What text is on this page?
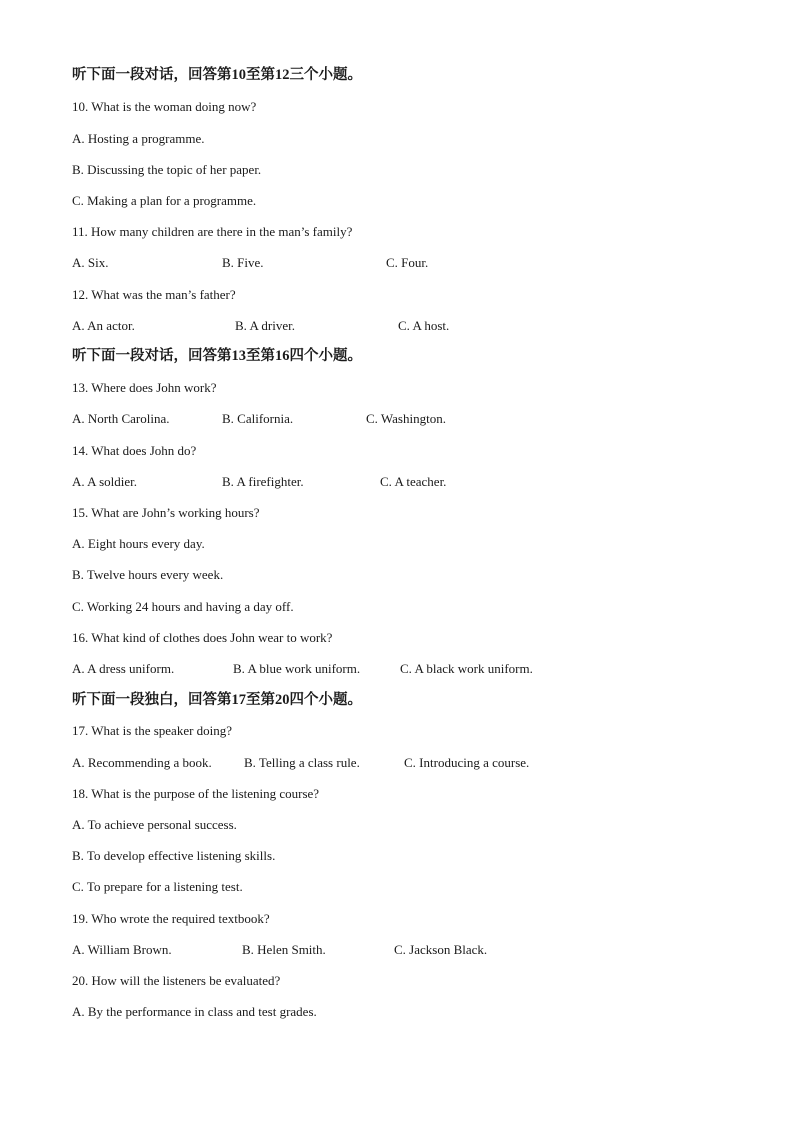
听下面一段对话，回答第10至第12三个小题。
10. What is the woman doing now?
A. Hosting a programme.
B. Discussing the topic of her paper.
C. Making a plan for a programme.
11. How many children are there in the man’s family?
A. Six.	B. Five.	C. Four.
12. What was the man’s father?
A. An actor.	B. A driver.	C. A host.
听下面一段对话，回答第13至第16四个小题。
13. Where does John work?
A. North Carolina.	B. California.	C. Washington.
14. What does John do?
A. A soldier.	B. A firefighter.	C. A teacher.
15. What are John’s working hours?
A. Eight hours every day.
B. Twelve hours every week.
C. Working 24 hours and having a day off.
16. What kind of clothes does John wear to work?
A. A dress uniform.	B. A blue work uniform.	C. A black work uniform.
听下面一段独白，回答第17至第20四个小题。
17. What is the speaker doing?
A. Recommending a book. B. Telling a class rule.	C. Introducing a course.
18. What is the purpose of the listening course?
A. To achieve personal success.
B. To develop effective listening skills.
C. To prepare for a listening test.
19. Who wrote the required textbook?
A. William Brown.	B. Helen Smith.	C. Jackson Black.
20. How will the listeners be evaluated?
A. By the performance in class and test grades.
